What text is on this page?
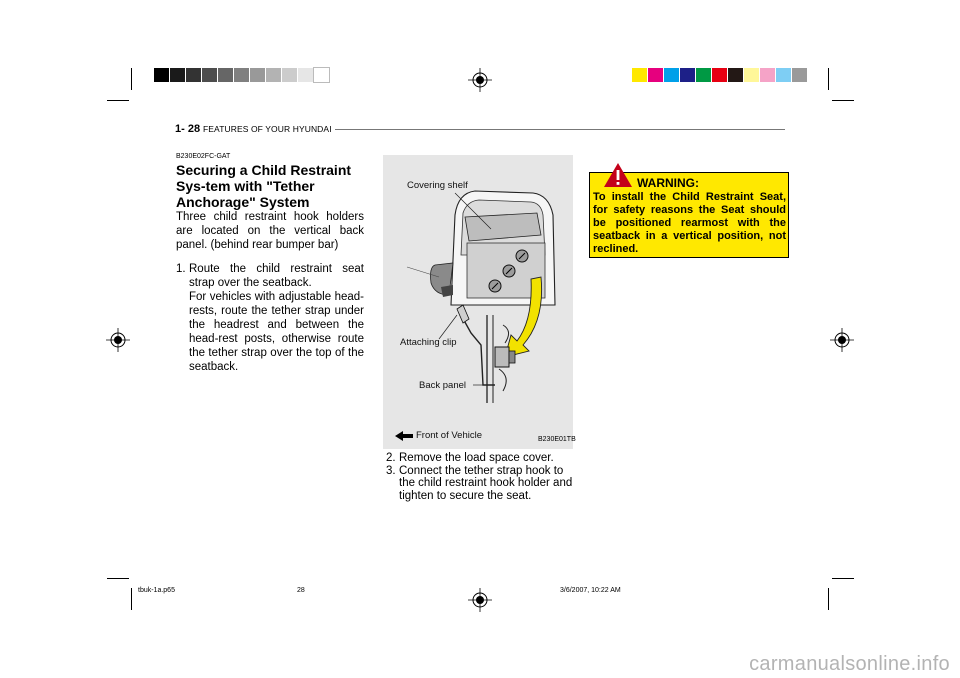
1- 28 FEATURES OF YOUR HYUNDAI
B230E02FC-GAT
Securing a Child Restraint Sys-tem with "Tether Anchorage" System
Three child restraint hook holders are located on the vertical back panel. (behind rear bumper bar)
1. Route the child restraint seat strap over the seatback.
For vehicles with adjustable head-rests, route the tether strap under the headrest and between the head-rest posts, otherwise route the tether strap over the top of the seatback.
Covering shelf
Attaching clip
Back panel
Front of Vehicle	B230E01TB
2. Remove the load space cover.
3. Connect the tether strap hook to the child restraint hook holder and tighten to secure the seat.
WARNING:
To install the Child Restraint Seat, for safety reasons the Seat should be positioned rearmost with the seatback in a vertical position, not reclined.
tbuk-1a.p65	28	3/6/2007, 10:22 AM
carmanualsonline.info
